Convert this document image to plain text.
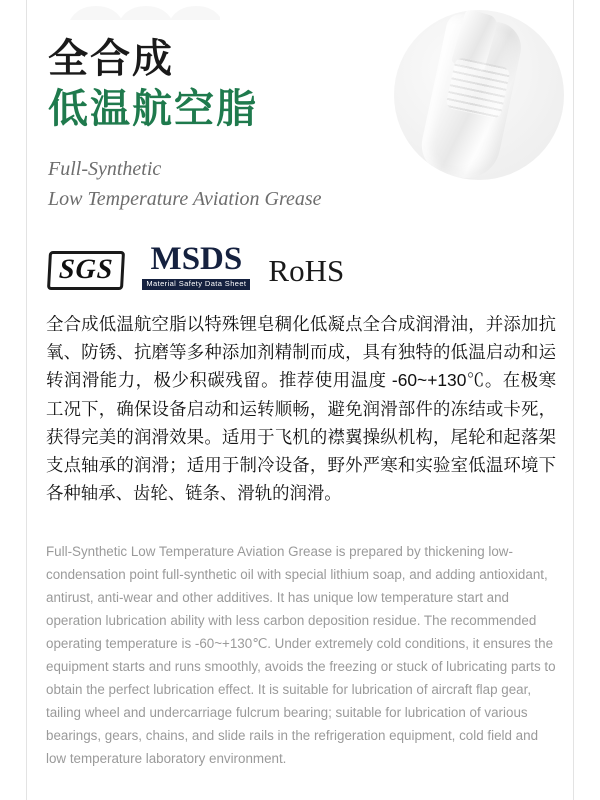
全合成
低温航空脂
Full-Synthetic
Low Temperature Aviation Grease
SGS	MSDS
Material Safety Data Sheet RoHS
全合成低温航空脂以特殊锂皂稠化低凝点全合成润滑油，并添加抗氧、防锈、抗磨等多种添加剂精制而成，具有独特的低温启动和运转润滑能力，极少积碳残留。推荐使用温度 -60~+130℃。在极寒工况下，确保设备启动和运转顺畅，避免润滑部件的冻结或卡死，获得完美的润滑效果。适用于飞机的襟翼操纵机构，尾轮和起落架支点轴承的润滑；适用于制冷设备，野外严寒和实验室低温环境下各种轴承、齿轮、链条、滑轨的润滑。
Full-Synthetic Low Temperature Aviation Grease is prepared by thickening low-condensation point full-synthetic oil with special lithium soap, and adding antioxidant, antirust, anti-wear and other additives. It has unique low temperature start and operation lubrication ability with less carbon deposition residue. The recommended operating temperature is -60~+130℃. Under extremely cold conditions, it ensures the equipment starts and runs smoothly, avoids the freezing or stuck of lubricating parts to obtain the perfect lubrication effect. It is suitable for lubrication of aircraft flap gear, tailing wheel and undercarriage fulcrum bearing; suitable for lubrication of various bearings, gears, chains, and slide rails in the refrigeration equipment, cold field and low temperature laboratory environment.
